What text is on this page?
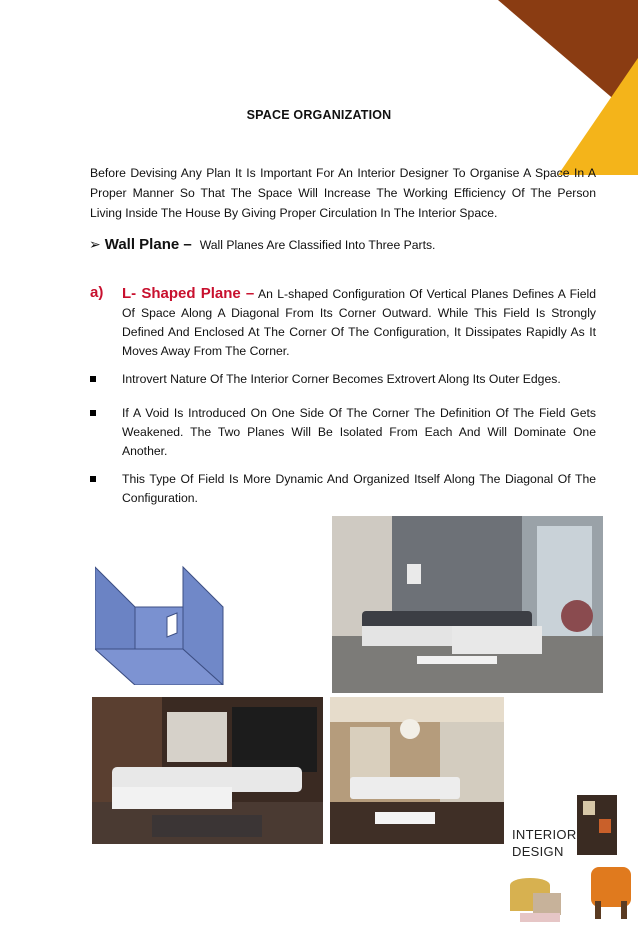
SPACE ORGANIZATION
Before Devising Any Plan It Is Important For An Interior Designer To Organise A Space In A Proper Manner So That The Space Will Increase The Working Efficiency Of The Person Living Inside The House By Giving Proper Circulation In The Interior Space.
➢ Wall Plane – Wall Planes Are Classified Into Three Parts.
a) L- Shaped Plane – An L-shaped Configuration Of Vertical Planes Defines A Field Of Space Along A Diagonal From Its Corner Outward. While This Field Is Strongly Defined And Enclosed At The Corner Of The Configuration, It Dissipates Rapidly As It Moves Away From The Corner.
Introvert Nature Of The Interior Corner Becomes Extrovert Along Its Outer Edges.
If A Void Is Introduced On One Side Of The Corner The Definition Of The Field Gets Weakened. The Two Planes Will Be Isolated From Each And Will Dominate One Another.
This Type Of Field Is More Dynamic And Organized Itself Along The Diagonal Of The Configuration.
INTERIOR
DESIGN
